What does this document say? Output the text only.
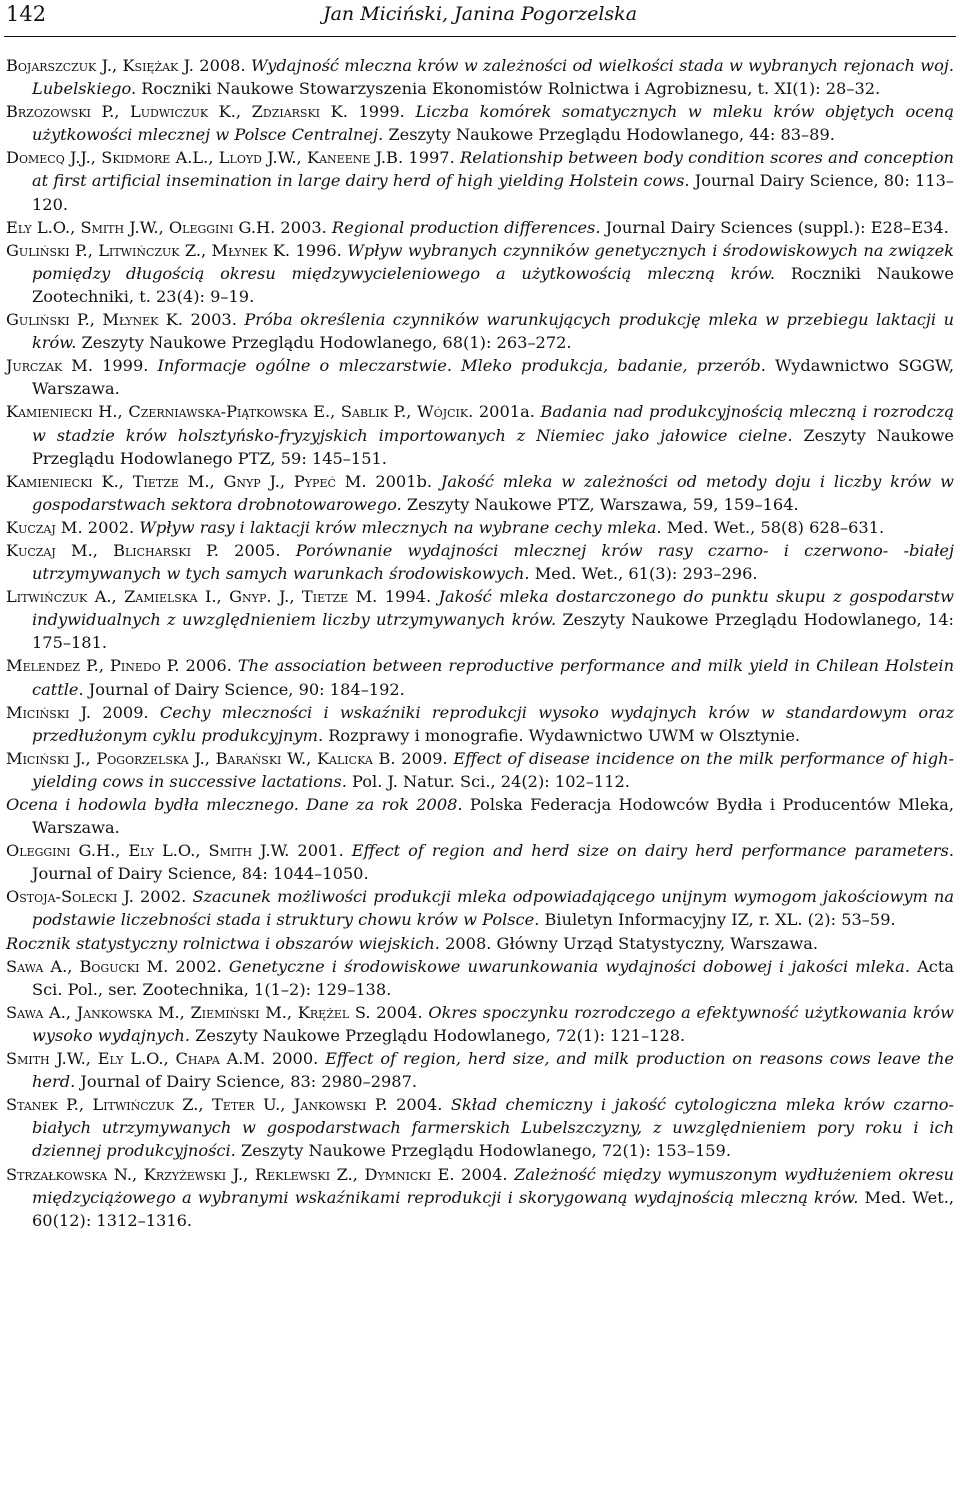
142	Jan Miciński, Janina Pogorzelska
Bojarszczuk J., Księżak J. 2008. Wydajność mleczna krów w zależności od wielkości stada w wybranych rejonach woj. Lubelskiego. Roczniki Naukowe Stowarzyszenia Ekonomistów Rolnictwa i Agrobiznesu, t. XI(1): 28–32.
Brzozowski P., Ludwiczuk K., Zdziarski K. 1999. Liczba komórek somatycznych w mleku krów objętych oceną użytkowości mlecznej w Polsce Centralnej. Zeszyty Naukowe Przeglądu Hodowlanego, 44: 83–89.
Domecq J.J., Skidmore A.L., Lloyd J.W., Kaneene J.B. 1997. Relationship between body condition scores and conception at first artificial insemination in large dairy herd of high yielding Holstein cows. Journal Dairy Science, 80: 113–120.
Ely L.O., Smith J.W., Oleggini G.H. 2003. Regional production differences. Journal Dairy Sciences (suppl.): E28–E34.
Guliński P., Litwińczuk Z., Młynek K. 1996. Wpływ wybranych czynników genetycznych i środowiskowych na związek pomiędzy długością okresu międzywycieleniowego a użytkowością mleczną krów. Roczniki Naukowe Zootechniki, t. 23(4): 9–19.
Guliński P., Młynek K. 2003. Próba określenia czynników warunkujących produkcję mleka w przebiegu laktacji u krów. Zeszyty Naukowe Przeglądu Hodowlanego, 68(1): 263–272.
Jurczak M. 1999. Informacje ogólne o mleczarstwie. Mleko produkcja, badanie, przerób. Wydawnictwo SGGW, Warszawa.
Kamieniecki H., Czerniawska-Piątkowska E., Sablik P., Wójcik. 2001a. Badania nad produkcyjnością mleczną i rozrodczą w stadzie krów holsztyńsko-fryzyjskich importowanych z Niemiec jako jałowice cielne. Zeszyty Naukowe Przeglądu Hodowlanego PTZ, 59: 145–151.
Kamieniecki K., Tietze M., Gnyp J., Pypeć M. 2001b. Jakość mleka w zależności od metody doju i liczby krów w gospodarstwach sektora drobnotowarowego. Zeszyty Naukowe PTZ, Warszawa, 59, 159–164.
Kuczaj M. 2002. Wpływ rasy i laktacji krów mlecznych na wybrane cechy mleka. Med. Wet., 58(8) 628–631.
Kuczaj M., Blicharski P. 2005. Porównanie wydajności mlecznej krów rasy czarno- i czerwono- -białej utrzymywanych w tych samych warunkach środowiskowych. Med. Wet., 61(3): 293–296.
Litwińczuk A., Zamielska I., Gnyp. J., Tietze M. 1994. Jakość mleka dostarczonego do punktu skupu z gospodarstw indywidualnych z uwzględnieniem liczby utrzymywanych krów. Zeszyty Naukowe Przeglądu Hodowlanego, 14: 175–181.
Melendez P., Pinedo P. 2006. The association between reproductive performance and milk yield in Chilean Holstein cattle. Journal of Dairy Science, 90: 184–192.
Miciński J. 2009. Cechy mleczności i wskaźniki reprodukcji wysoko wydajnych krów w standardowym oraz przedłużonym cyklu produkcyjnym. Rozprawy i monografie. Wydawnictwo UWM w Olsztynie.
Miciński J., Pogorzelska J., Barański W., Kalicka B. 2009. Effect of disease incidence on the milk performance of high-yielding cows in successive lactations. Pol. J. Natur. Sci., 24(2): 102–112.
Ocena i hodowla bydła mlecznego. Dane za rok 2008. Polska Federacja Hodowców Bydła i Producentów Mleka, Warszawa.
Oleggini G.H., Ely L.O., Smith J.W. 2001. Effect of region and herd size on dairy herd performance parameters. Journal of Dairy Science, 84: 1044–1050.
Ostoja-Solecki J. 2002. Szacunek możliwości produkcji mleka odpowiadającego unijnym wymogom jakościowym na podstawie liczebności stada i struktury chowu krów w Polsce. Biuletyn Informacyjny IZ, r. XL. (2): 53–59.
Rocznik statystyczny rolnictwa i obszarów wiejskich. 2008. Główny Urząd Statystyczny, Warszawa.
Sawa A., Bogucki M. 2002. Genetyczne i środowiskowe uwarunkowania wydajności dobowej i jakości mleka. Acta Sci. Pol., ser. Zootechnika, 1(1–2): 129–138.
Sawa A., Jankowska M., Ziemiński M., Krężel S. 2004. Okres spoczynku rozrodczego a efektywność użytkowania krów wysoko wydajnych. Zeszyty Naukowe Przeglądu Hodowlanego, 72(1): 121–128.
Smith J.W., Ely L.O., Chapa A.M. 2000. Effect of region, herd size, and milk production on reasons cows leave the herd. Journal of Dairy Science, 83: 2980–2987.
Stanek P., Litwińczuk Z., Teter U., Jankowski P. 2004. Skład chemiczny i jakość cytologiczna mleka krów czarno-białych utrzymywanych w gospodarstwach farmerskich Lubelszczyzny, z uwzględnieniem pory roku i ich dziennej produkcyjności. Zeszyty Naukowe Przeglądu Hodowlanego, 72(1): 153–159.
Strzałkowska N., Krzyżewski J., Reklewski Z., Dymnicki E. 2004. Zależność między wymuszonym wydłużeniem okresu międzyciążowego a wybranymi wskaźnikami reprodukcji i skorygowaną wydajnością mleczną krów. Med. Wet., 60(12): 1312–1316.
